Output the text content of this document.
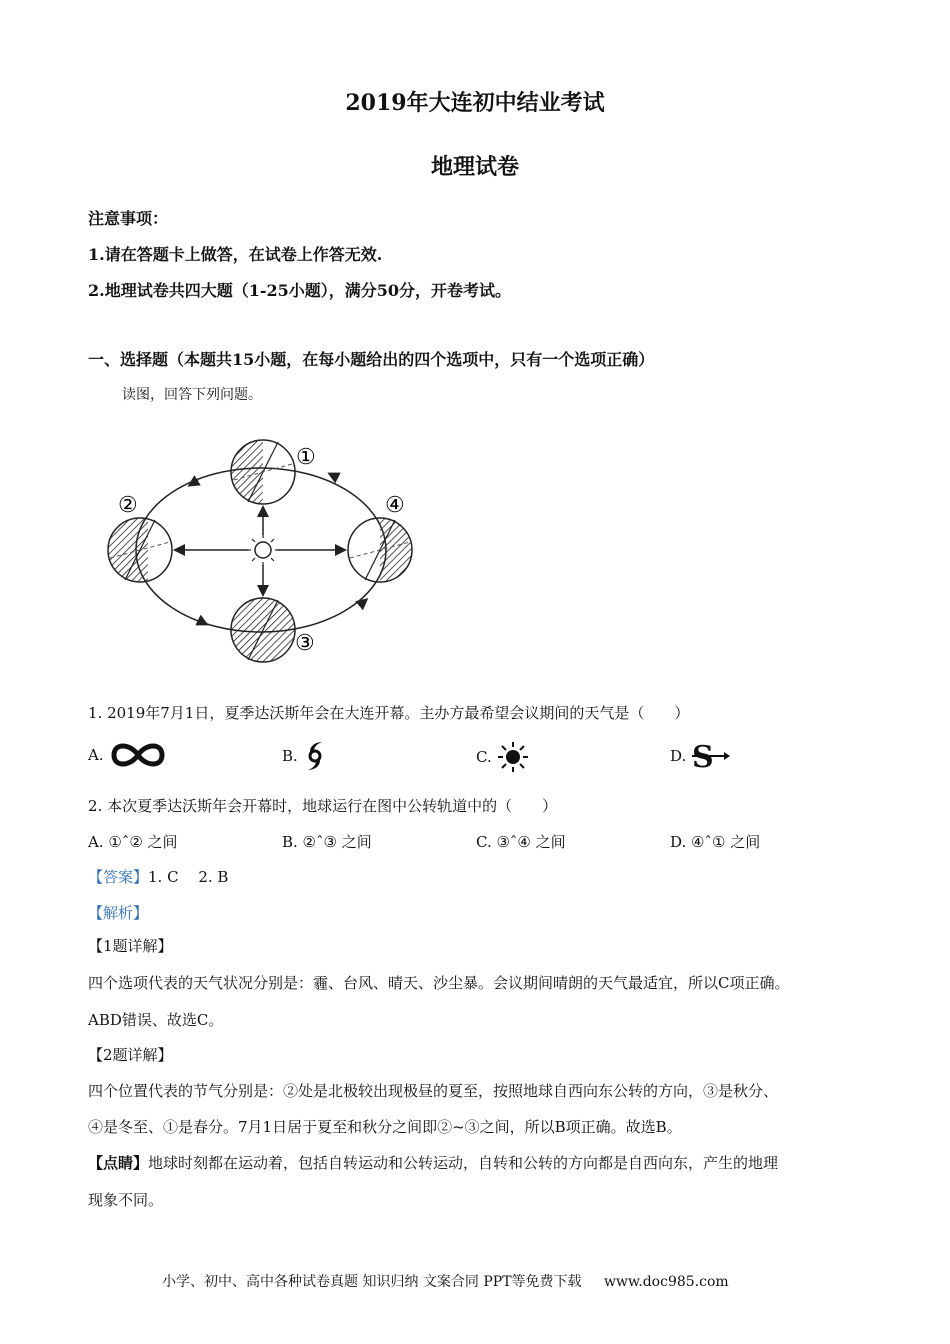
2019年大连初中结业考试
地理试卷
注意事项：
1.请在答题卡上做答，在试卷上作答无效.
2.地理试卷共四大题（1-25小题），满分50分，开卷考试。
一、选择题（本题共15小题，在每小题给出的四个选项中，只有一个选项正确）
读图，回答下列问题。
①
②
③
④
1. 2019年7月1日，夏季达沃斯年会在大连开幕。主办方最希望会议期间的天气是（　　）
A.	B.	C.	D. S
2. 本次夏季达沃斯年会开幕时，地球运行在图中公转轨道中的（　　）
A. ①ˆ② 之间	B. ②ˆ③ 之间	C. ③ˆ④ 之间	D. ④ˆ① 之间
【答案】1. C　 2. B
【解析】
【1题详解】
四个选项代表的天气状况分别是：霾、台风、晴天、沙尘暴。会议期间晴朗的天气最适宜，所以C项正确。
ABD错误、故选C。
【2题详解】
四个位置代表的节气分别是：②处是北极较出现极昼的夏至，按照地球自西向东公转的方向，③是秋分、
④是冬至、①是春分。7月1日居于夏至和秋分之间即②~③之间，所以B项正确。故选B。
【点睛】地球时刻都在运动着，包括自转运动和公转运动，自转和公转的方向都是自西向东，产生的地理
现象不同。
小学、初中、高中各种试卷真题 知识归纳 文案合同 PPT等免费下载 www.doc985.com
